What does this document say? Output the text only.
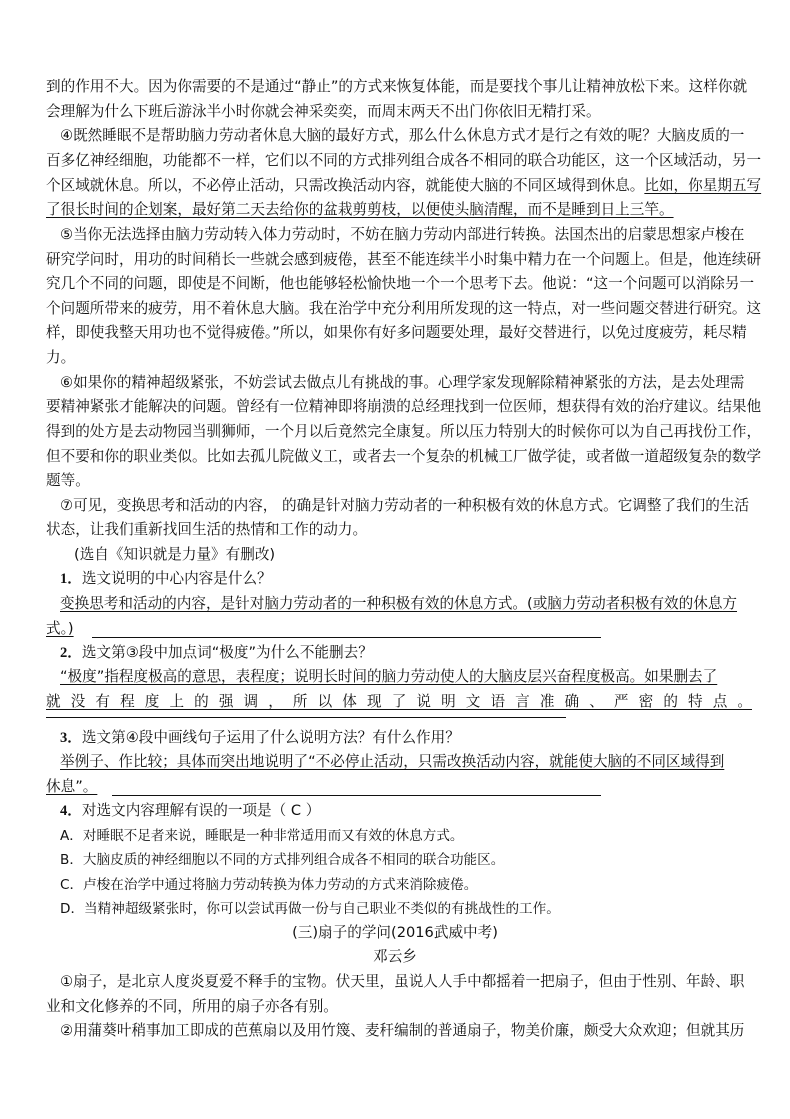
到的作用不大。因为你需要的不是通过“静止”的方式来恢复体能，而是要找个事儿让精神放松下来。这样你就
会理解为什么下班后游泳半小时你就会神采奕奕，而周末两天不出门你依旧无精打采。
④既然睡眠不是帮助脑力劳动者休息大脑的最好方式，那么什么休息方式才是行之有效的呢？大脑皮质的一
百多亿神经细胞，功能都不一样，它们以不同的方式排列组合成各不相同的联合功能区，这一个区域活动，另一
个区域就休息。所以，不必停止活动，只需改换活动内容，就能使大脑的不同区域得到休息。比如，你星期五写
了很长时间的企划案，最好第二天去给你的盆栽剪剪枝，以便使头脑清醒，而不是睡到日上三竿。
⑤当你无法选择由脑力劳动转入体力劳动时，不妨在脑力劳动内部进行转换。法国杰出的启蒙思想家卢梭在
研究学问时，用功的时间稍长一些就会感到疲倦，甚至不能连续半小时集中精力在一个问题上。但是，他连续研
究几个不同的问题，即使是不间断，他也能够轻松愉快地一个一个思考下去。他说：“这一个问题可以消除另一
个问题所带来的疲劳，用不着休息大脑。我在治学中充分利用所发现的这一特点，对一些问题交替进行研究。这
样，即使我整天用功也不觉得疲倦。”所以，如果你有好多问题要处理，最好交替进行，以免过度疲劳，耗尽精
力。
⑥如果你的精神超级紧张，不妨尝试去做点儿有挑战的事。心理学家发现解除精神紧张的方法，是去处理需
要精神紧张才能解决的问题。曾经有一位精神即将崩溃的总经理找到一位医师，想获得有效的治疗建议。结果他
得到的处方是去动物园当驯狮师，一个月以后竟然完全康复。所以压力特别大的时候你可以为自己再找份工作，
但不要和你的职业类似。比如去孤儿院做义工，或者去一个复杂的机械工厂做学徒，或者做一道超级复杂的数学
题等。
⑦可见，变换思考和活动的内容， 的确是针对脑力劳动者的一种积极有效的休息方式。它调整了我们的生活
状态，让我们重新找回生活的热情和工作的动力。
(选自《知识就是力量》有删改)
1．选文说明的中心内容是什么？
变换思考和活动的内容，是针对脑力劳动者的一种积极有效的休息方式。(或脑力劳动者积极有效的休息方
式。)
2．选文第③段中加点词“极度”为什么不能删去？
“极度”指程度极高的意思，表程度；说明长时间的脑力劳动使人的大脑皮层兴奋程度极高。如果删去了
就没有程度上的强调，所以体现了说明文语言准确、严密的特点。
3．选文第④段中画线句子运用了什么说明方法？有什么作用？
举例子、作比较；具体而突出地说明了“不必停止活动，只需改换活动内容，就能使大脑的不同区域得到
休息”。
4．对选文内容理解有误的一项是（ C ）
A．对睡眠不足者来说，睡眠是一种非常适用而又有效的休息方式。
B．大脑皮质的神经细胞以不同的方式排列组合成各不相同的联合功能区。
C．卢梭在治学中通过将脑力劳动转换为体力劳动的方式来消除疲倦。
D．当精神超级紧张时，你可以尝试再做一份与自己职业不类似的有挑战性的工作。
(三)扇子的学问(2016武威中考)
邓云乡
①扇子，是北京人度炎夏爱不释手的宝物。伏天里，虽说人人手中都摇着一把扇子，但由于性别、年龄、职
业和文化修养的不同，所用的扇子亦各有别。
②用蒲葵叶稍事加工即成的芭蕉扇以及用竹篾、麦秆编制的普通扇子，物美价廉，颇受大众欢迎；但就其历
